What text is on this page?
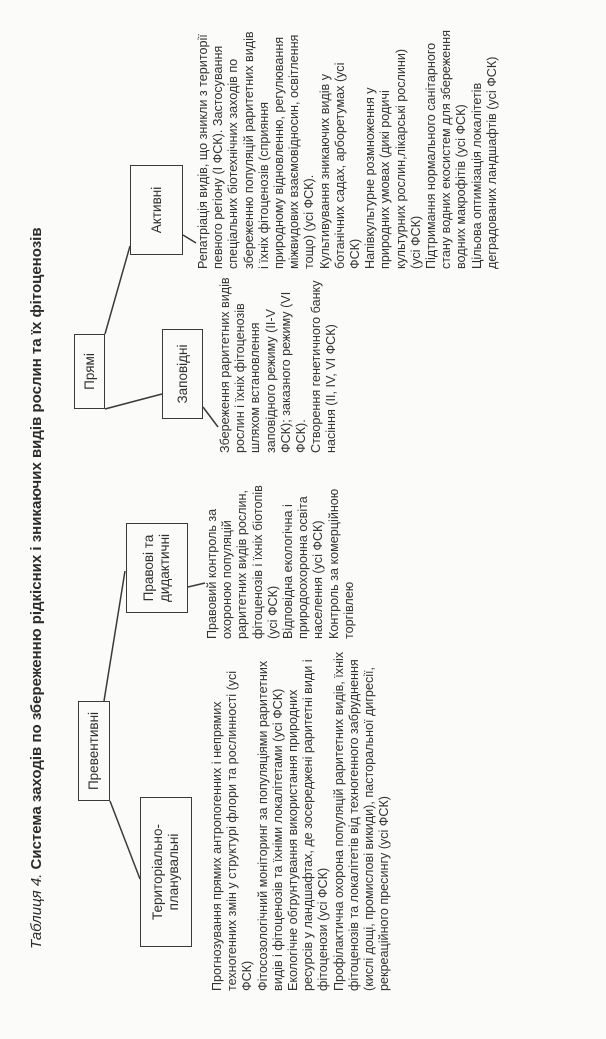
Таблиця 4. Система заходів по збереженню рідкісних і зникаючих видів рослин та їх фітоценозів	Превентивні
Прямі
Територіально-планувальні
Правові та дидактичні
Заповідні
Активні

Прогнозування прямих антропогенних і непрямих техногенних змін у структурі флори та рослинності (усі ФСК) Фітосозологічний моніторинг за популяціями раритетних видів і фітоценозів та їхніми локалітетами (усі ФСК) Екологічне обгрунтування використання природних ресурсів у ландшафтах, де зосереджені раритетні види і фітоценози (усі ФСК) Профілактична охорона популяцій раритетних видів, їхніх фітоценозів та локалітетів від техногенного забруднення (кислі дощі, промислові викиди), пасторальної дигресії, рекреаційного пресингу (усі ФСК)

Правовий контроль за охороною популяцій раритетних видів рослин, фітоценозів і їхніх біотопів (усі ФСК) Відповідна екологічна і природоохоронна освіта населення (усі ФСК) Контроль за комерційною торгівлею

Збереження раритетних видів рослин і їхніх фітоценозів шляхом встановлення заповідного режиму (II-V ФСК); заказного режиму (VI ФСК). Створення генетичного банку насіння (II, IV, VI ФСК)

Репатріація видів, що зникли з території певного регіону (I ФСК). Застосування спеціальних біотехнічних заходів по збереженню популяцій раритетних видів і їхніх фітоценозів (сприяння природному відновленню, регулювання міжвидових взаємовідносин, освітлення тощо) (усі ФСК). Культивування зникаючих видів у ботанічних садах, арборетумах (усі ФСК) Напівкультурне розмноження у природних умовах (дикі родичі культурних рослин,лікарські рослини) (усі ФСК) Підтримання нормального санітарного стану водних екосистем для збереження водних макрофітів (усі ФСК) Цільова оптимізація локалітетів деградованих ландшафтів (усі ФСК)
